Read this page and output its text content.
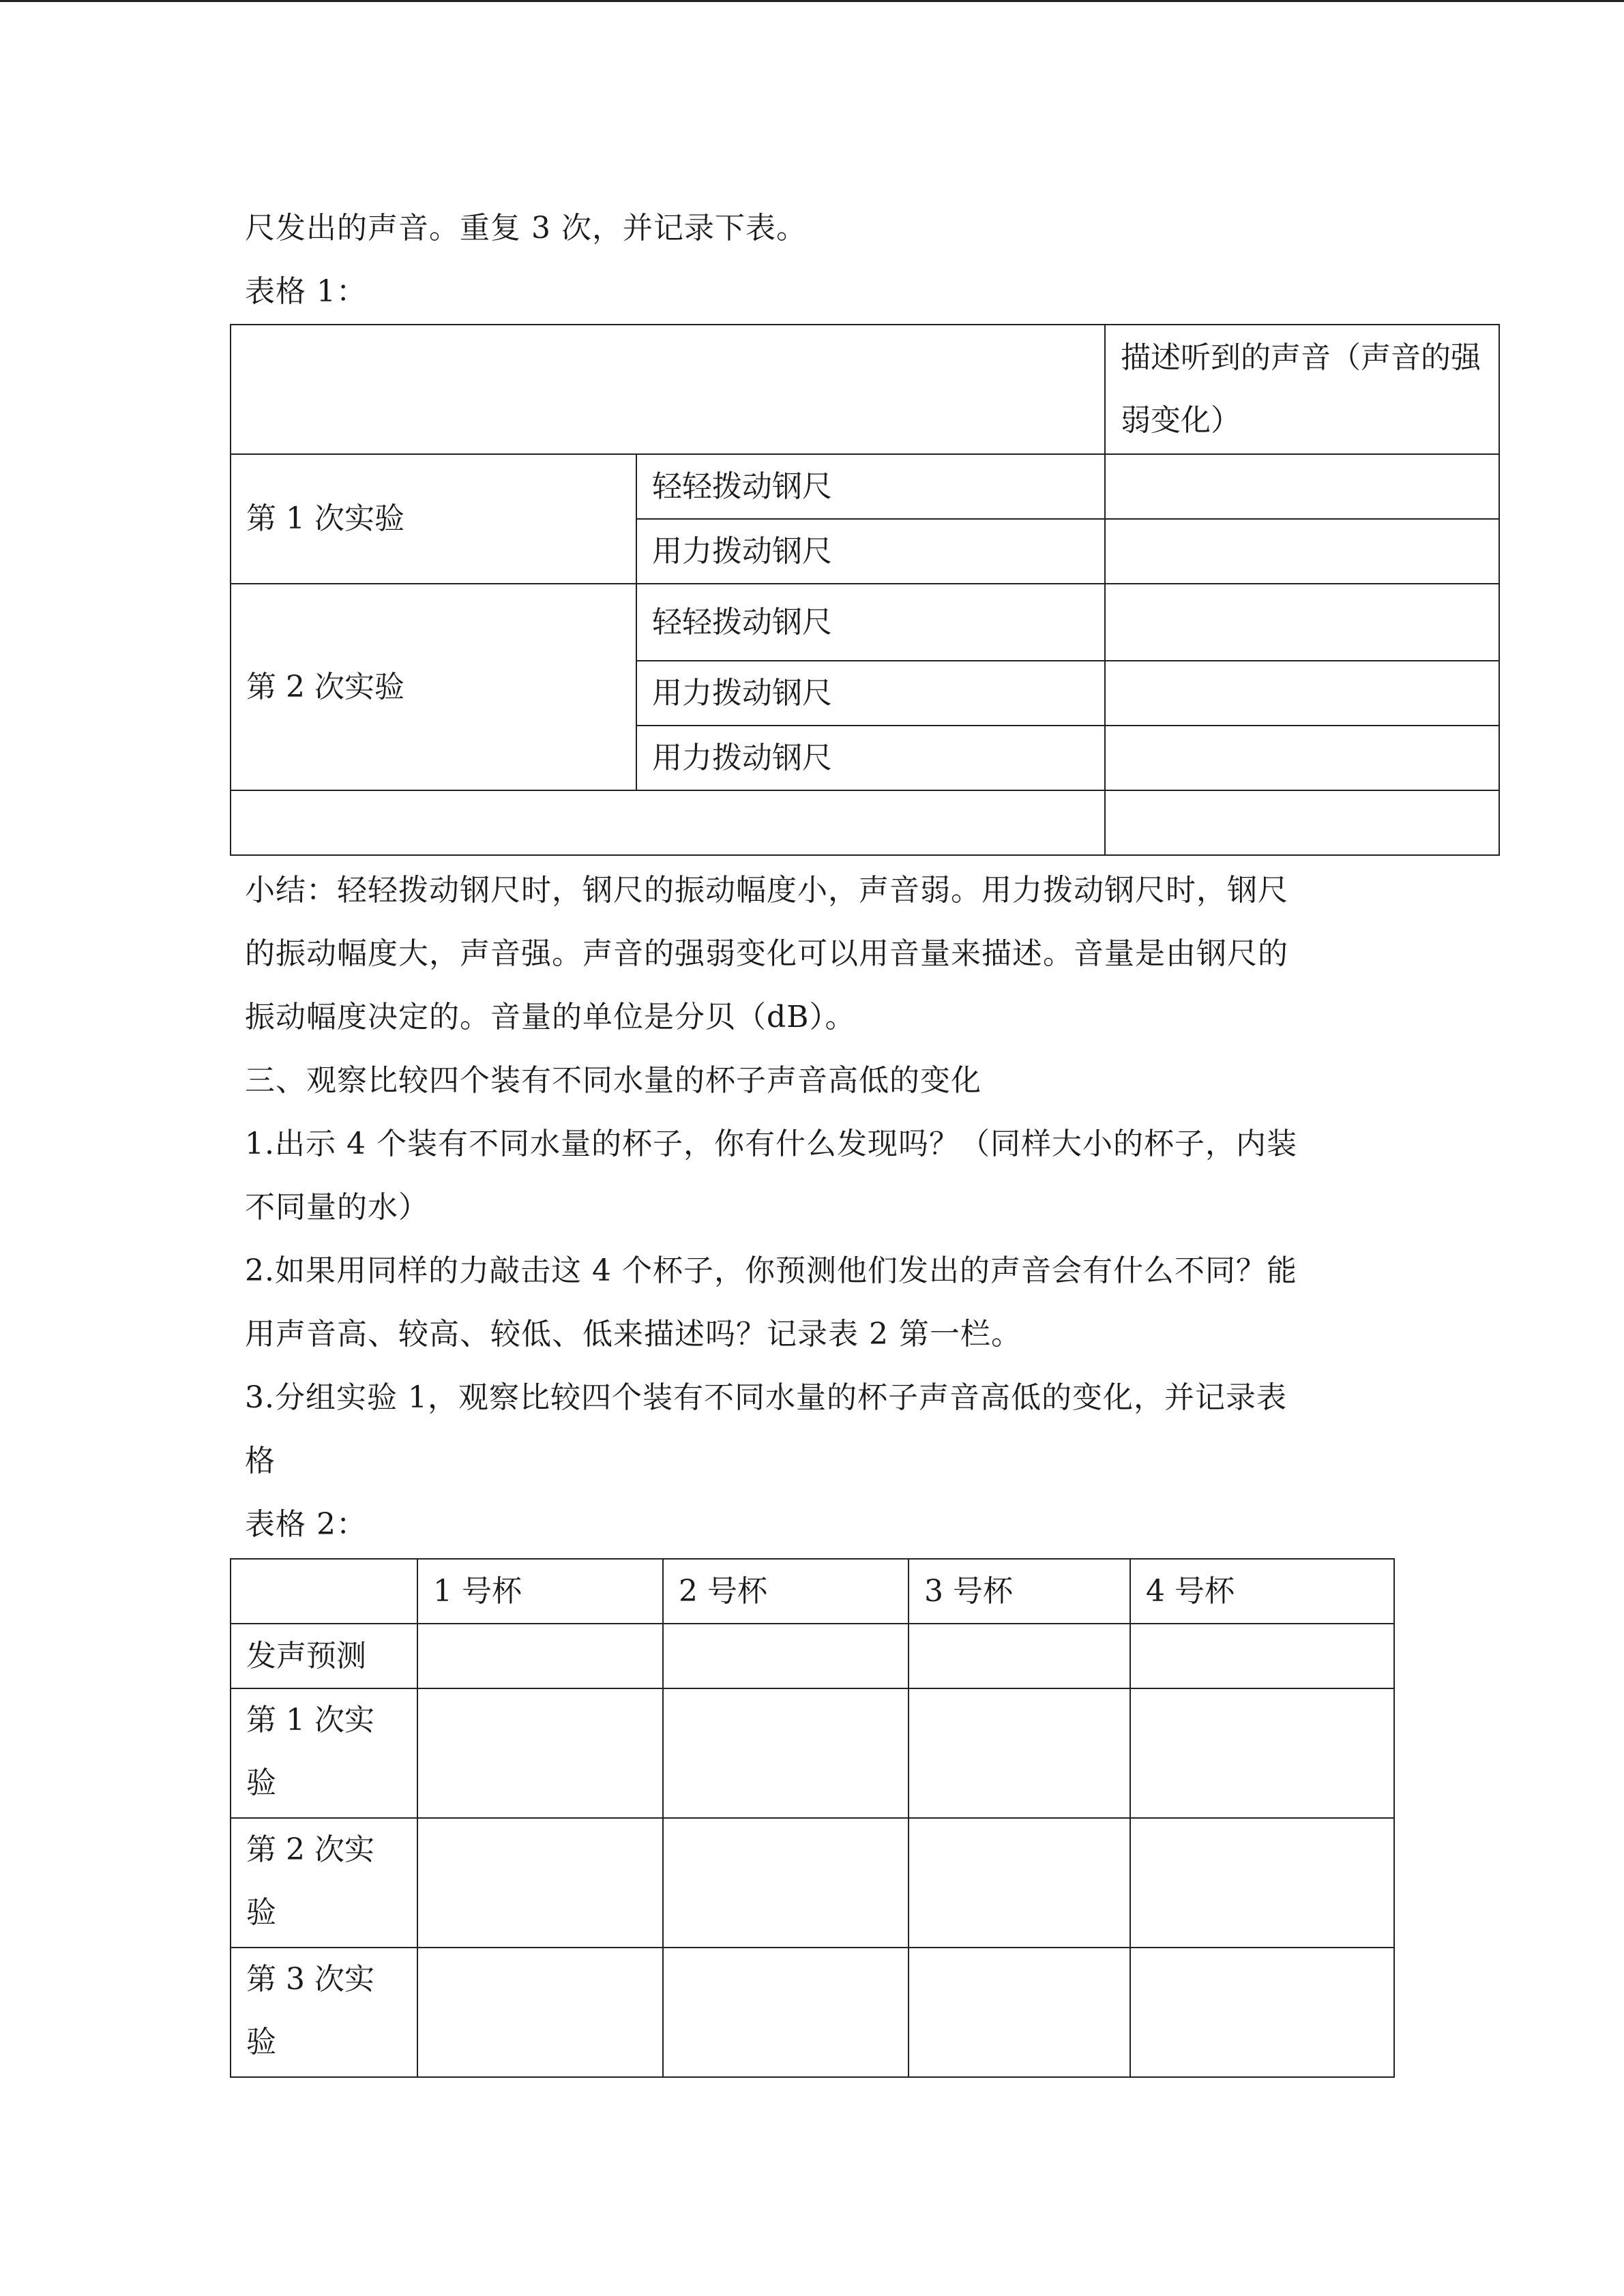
尺发出的声音。重复 3 次，并记录下表。
表格 1：
		描述听到的声音（声音的强弱变化）
第 1 次实验	轻轻拨动钢尺	
	用力拨动钢尺	
第 2 次实验	轻轻拨动钢尺	
	用力拨动钢尺	
	用力拨动钢尺	

小结：轻轻拨动钢尺时，钢尺的振动幅度小，声音弱。用力拨动钢尺时，钢尺
的振动幅度大，声音强。声音的强弱变化可以用音量来描述。音量是由钢尺的
振动幅度决定的。音量的单位是分贝（dB）。
三、观察比较四个装有不同水量的杯子声音高低的变化
1.出示 4 个装有不同水量的杯子，你有什么发现吗？（同样大小的杯子，内装
不同量的水）
2.如果用同样的力敲击这 4 个杯子，你预测他们发出的声音会有什么不同？能
用声音高、较高、较低、低来描述吗？记录表 2 第一栏。
3.分组实验 1，观察比较四个装有不同水量的杯子声音高低的变化，并记录表
格
表格 2：
	1 号杯	2 号杯	3 号杯	4 号杯
发声预测				
第 1 次实验				
第 2 次实验				
第 3 次实验				
